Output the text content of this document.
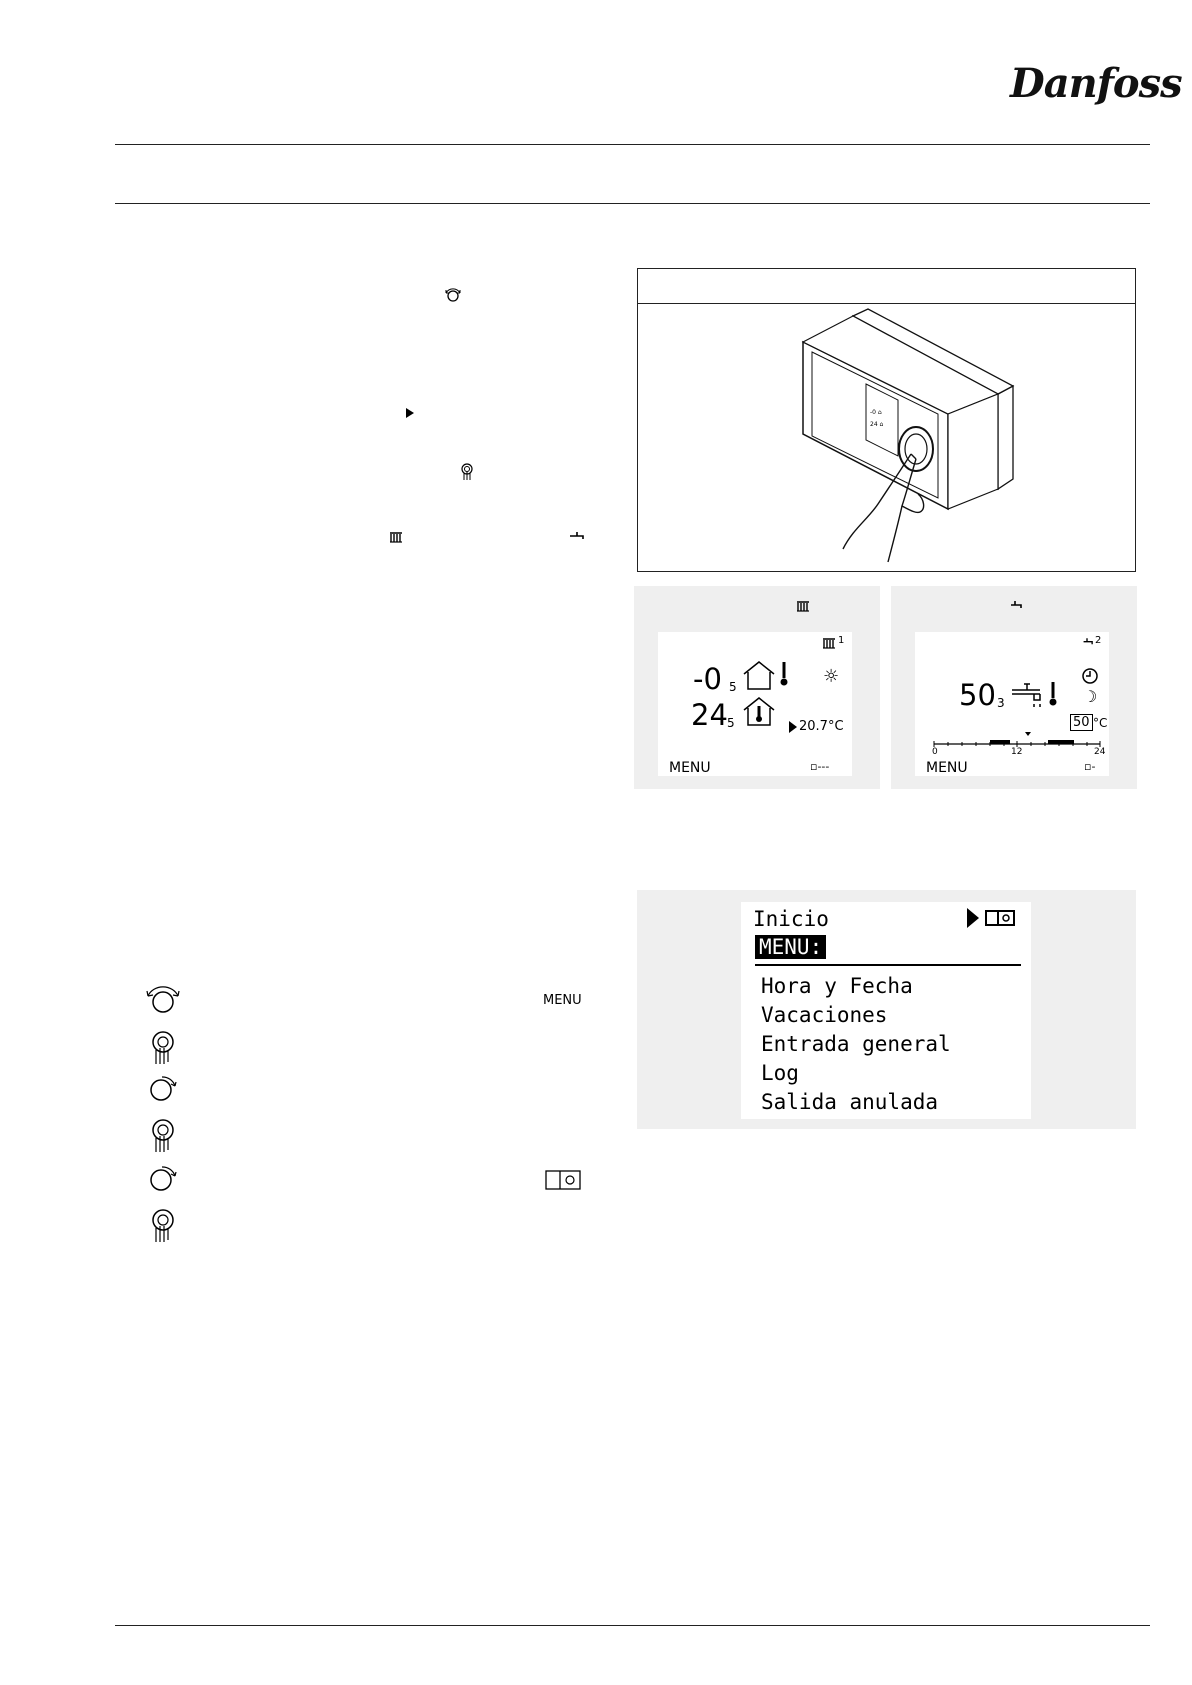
Danfoss
-0 ⌂
24 ⌂
1
-0 5	☼
24 5	20.7°C
MENU	▫---
2
50 3	☽
50 °C
0	12	24
MENU	▫-
Inicio
MENU:
Hora y Fecha
Vacaciones
Entrada general
Log
Salida anulada
MENU
